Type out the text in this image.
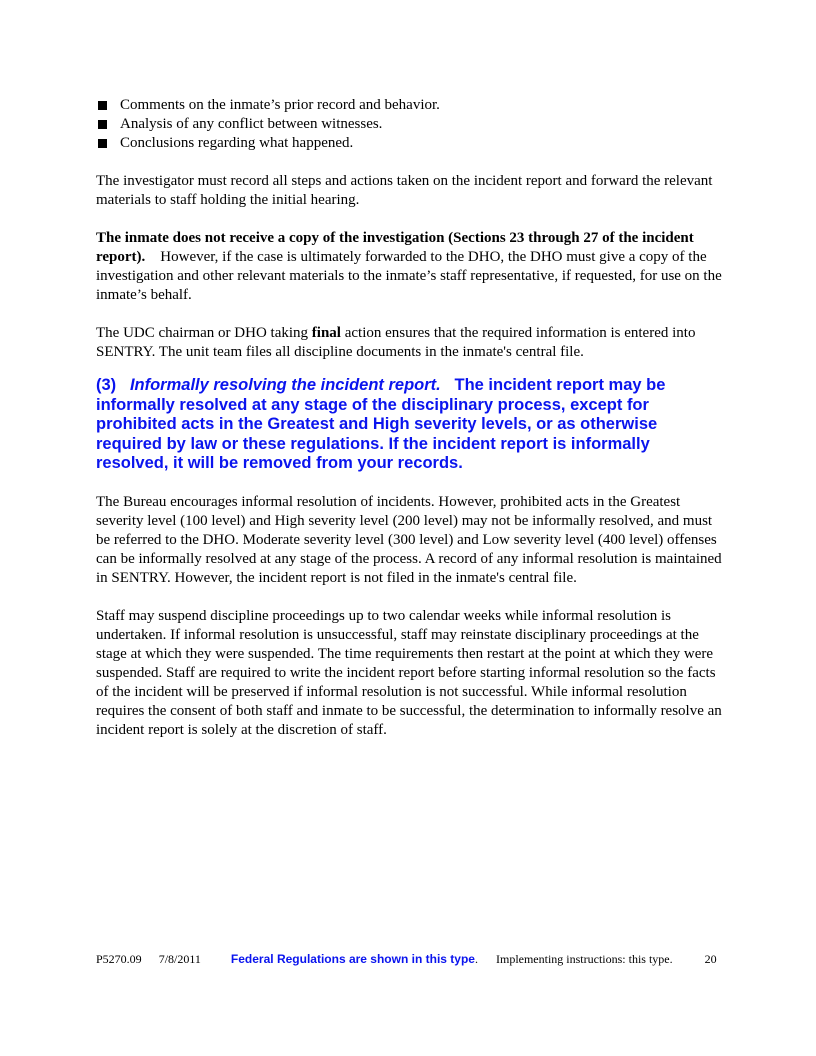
Comments on the inmate’s prior record and behavior.
Analysis of any conflict between witnesses.
Conclusions regarding what happened.

The investigator must record all steps and actions taken on the incident report and forward the relevant materials to staff holding the initial hearing.

The inmate does not receive a copy of the investigation (Sections 23 through 27 of the incident report). However, if the case is ultimately forwarded to the DHO, the DHO must give a copy of the investigation and other relevant materials to the inmate’s staff representative, if requested, for use on the inmate’s behalf.

The UDC chairman or DHO taking final action ensures that the required information is entered into SENTRY. The unit team files all discipline documents in the inmate's central file.

(3) Informally resolving the incident report. The incident report may be informally resolved at any stage of the disciplinary process, except for prohibited acts in the Greatest and High severity levels, or as otherwise required by law or these regulations. If the incident report is informally resolved, it will be removed from your records.

The Bureau encourages informal resolution of incidents. However, prohibited acts in the Greatest severity level (100 level) and High severity level (200 level) may not be informally resolved, and must be referred to the DHO. Moderate severity level (300 level) and Low severity level (400 level) offenses can be informally resolved at any stage of the process. A record of any informal resolution is maintained in SENTRY. However, the incident report is not filed in the inmate's central file.

Staff may suspend discipline proceedings up to two calendar weeks while informal resolution is undertaken. If informal resolution is unsuccessful, staff may reinstate disciplinary proceedings at the stage at which they were suspended. The time requirements then restart at the point at which they were suspended. Staff are required to write the incident report before starting informal resolution so the facts of the incident will be preserved if informal resolution is not successful. While informal resolution requires the consent of both staff and inmate to be successful, the determination to informally resolve an incident report is solely at the discretion of staff.

P5270.09 7/8/2011	Federal Regulations are shown in this type. Implementing instructions: this type.	20
